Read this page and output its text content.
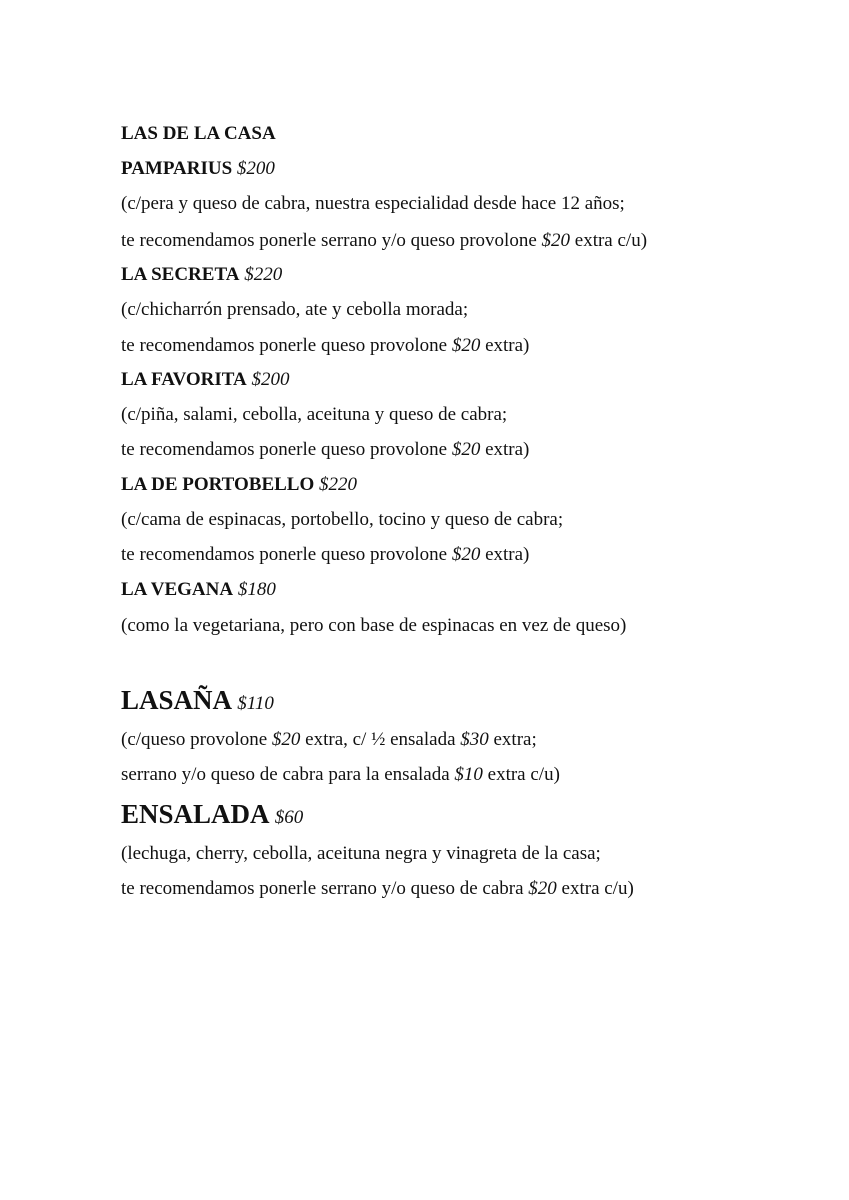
LAS DE LA CASA
PAMPARIUS $200
(c/pera y queso de cabra, nuestra especialidad desde hace 12 años;
te recomendamos ponerle serrano y/o queso provolone $20 extra c/u)
LA SECRETA $220
(c/chicharrón prensado, ate y cebolla morada;
te recomendamos ponerle queso provolone $20 extra)
LA FAVORITA $200
(c/piña, salami, cebolla, aceituna y queso de cabra;
te recomendamos ponerle queso provolone $20 extra)
LA DE PORTOBELLO $220
(c/cama de espinacas, portobello, tocino y queso de cabra;
te recomendamos ponerle queso provolone $20 extra)
LA VEGANA $180
(como la vegetariana, pero con base de espinacas en vez de queso)
LASAÑA $110
(c/queso provolone $20 extra, c/ ½ ensalada $30 extra;
serrano y/o queso de cabra para la ensalada $10 extra c/u)
ENSALADA $60
(lechuga, cherry, cebolla, aceituna negra y vinagreta de la casa;
te recomendamos ponerle serrano y/o queso de cabra $20 extra c/u)
